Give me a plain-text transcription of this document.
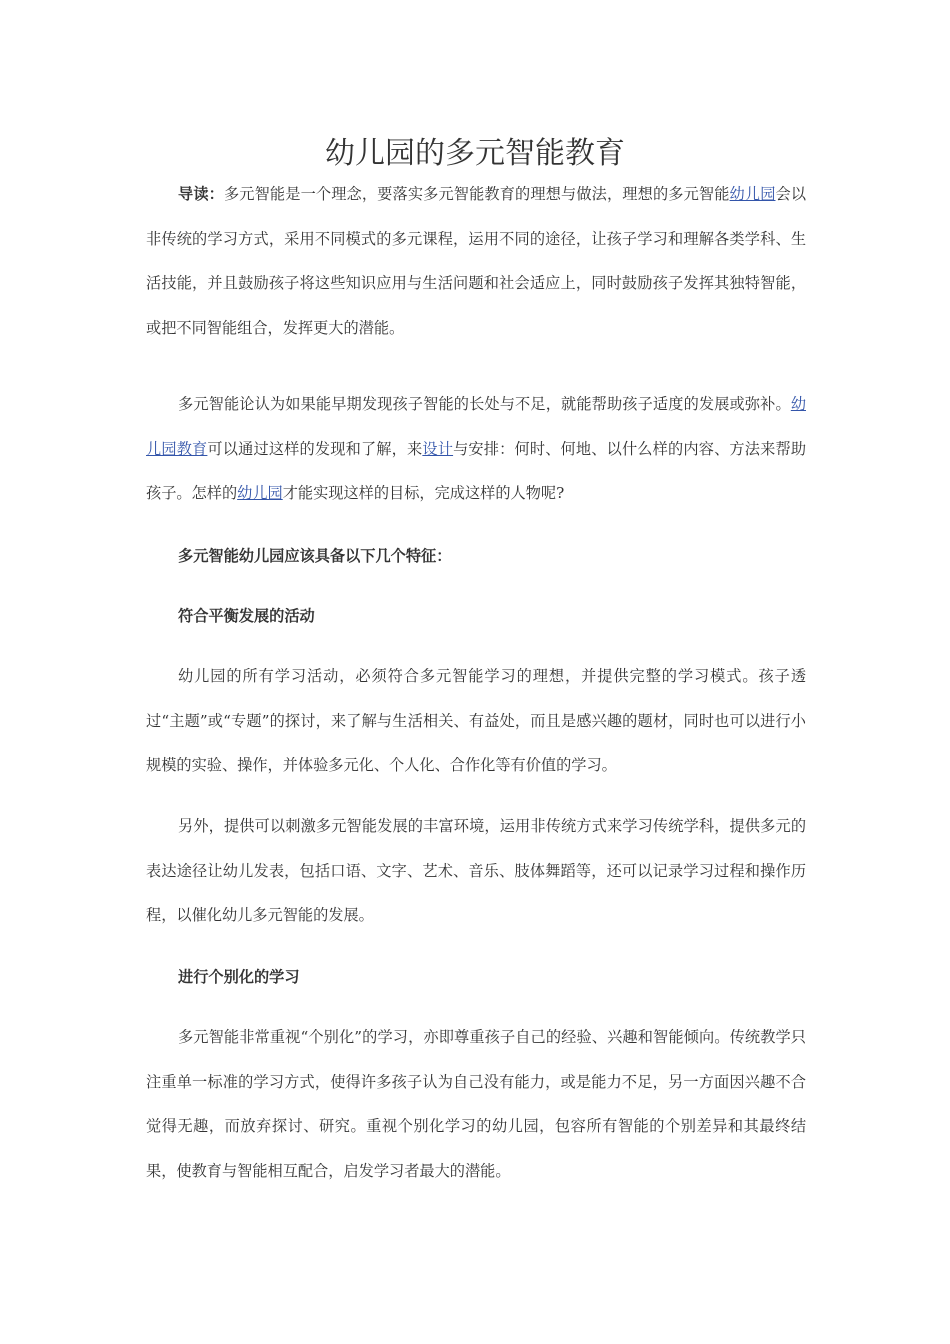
幼儿园的多元智能教育

导读：多元智能是一个理念，要落实多元智能教育的理想与做法，理想的多元智能幼儿园会以非传统的学习方式，采用不同模式的多元课程，运用不同的途径，让孩子学习和理解各类学科、生活技能，并且鼓励孩子将这些知识应用与生活问题和社会适应上，同时鼓励孩子发挥其独特智能，或把不同智能组合，发挥更大的潜能。

多元智能论认为如果能早期发现孩子智能的长处与不足，就能帮助孩子适度的发展或弥补。幼儿园教育可以通过这样的发现和了解，来设计与安排：何时、何地、以什么样的内容、方法来帮助孩子。怎样的幼儿园才能实现这样的目标，完成这样的人物呢?

多元智能幼儿园应该具备以下几个特征：
符合平衡发展的活动

幼儿园的所有学习活动，必须符合多元智能学习的理想，并提供完整的学习模式。孩子透过“主题”或“专题”的探讨，来了解与生活相关、有益处，而且是感兴趣的题材，同时也可以进行小规模的实验、操作，并体验多元化、个人化、合作化等有价值的学习。

另外，提供可以刺激多元智能发展的丰富环境，运用非传统方式来学习传统学科，提供多元的表达途径让幼儿发表，包括口语、文字、艺术、音乐、肢体舞蹈等，还可以记录学习过程和操作历程，以催化幼儿多元智能的发展。

进行个别化的学习

多元智能非常重视“个别化”的学习，亦即尊重孩子自己的经验、兴趣和智能倾向。传统教学只注重单一标准的学习方式，使得许多孩子认为自己没有能力，或是能力不足，另一方面因兴趣不合觉得无趣，而放弃探讨、研究。重视个别化学习的幼儿园，包容所有智能的个别差异和其最终结果，使教育与智能相互配合，启发学习者最大的潜能。
